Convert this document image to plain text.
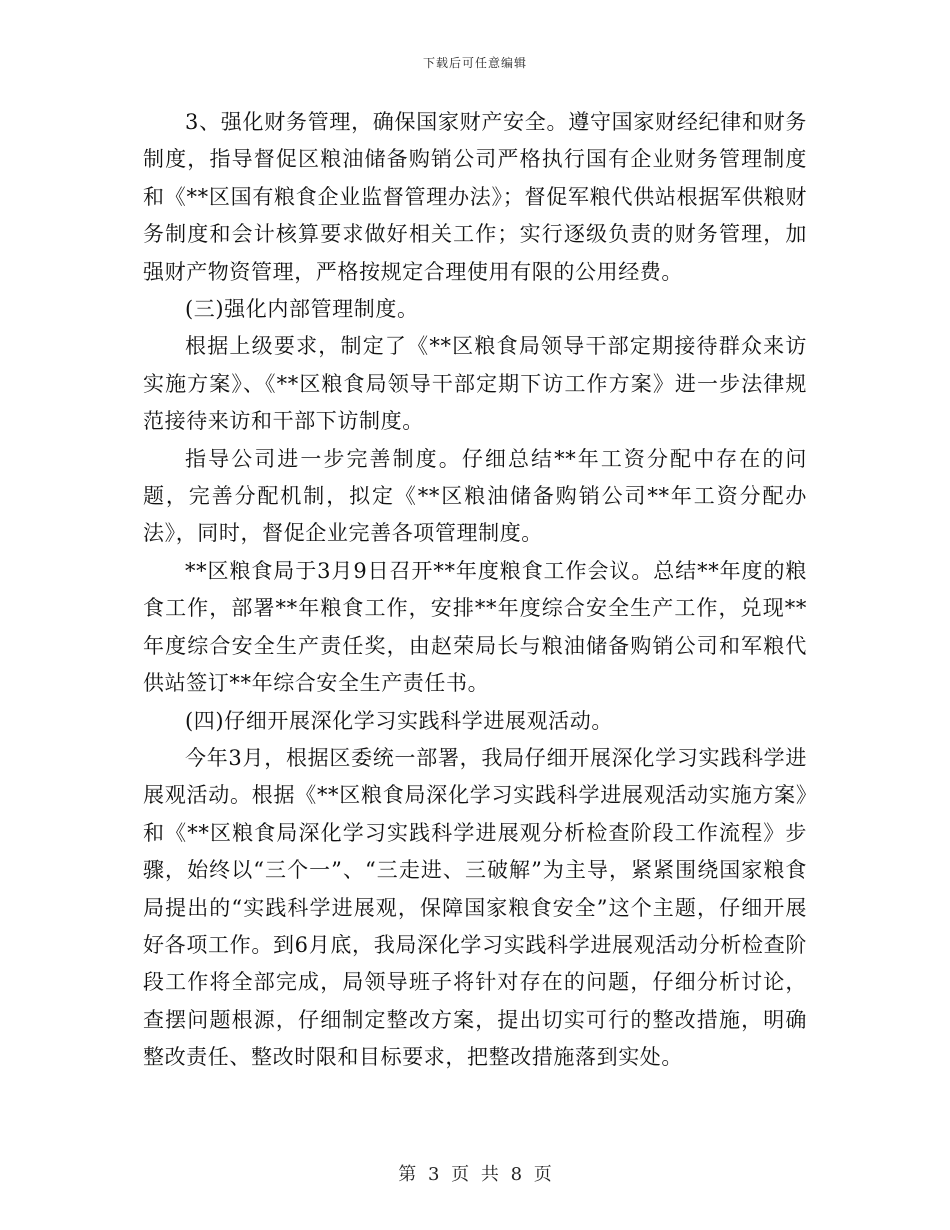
下载后可任意编辑

3、强化财务管理，确保国家财产安全。遵守国家财经纪律和财务制度，指导督促区粮油储备购销公司严格执行国有企业财务管理制度和《**区国有粮食企业监督管理办法》；督促军粮代供站根据军供粮财务制度和会计核算要求做好相关工作；实行逐级负责的财务管理，加强财产物资管理，严格按规定合理使用有限的公用经费。

(三)强化内部管理制度。

根据上级要求，制定了《**区粮食局领导干部定期接待群众来访实施方案》、《**区粮食局领导干部定期下访工作方案》进一步法律规范接待来访和干部下访制度。

指导公司进一步完善制度。仔细总结**年工资分配中存在的问题，完善分配机制，拟定《**区粮油储备购销公司**年工资分配办法》，同时，督促企业完善各项管理制度。

**区粮食局于3月9日召开**年度粮食工作会议。总结**年度的粮食工作，部署**年粮食工作，安排**年度综合安全生产工作，兑现**年度综合安全生产责任奖，由赵荣局长与粮油储备购销公司和军粮代供站签订**年综合安全生产责任书。

(四)仔细开展深化学习实践科学进展观活动。

今年3月，根据区委统一部署，我局仔细开展深化学习实践科学进展观活动。根据《**区粮食局深化学习实践科学进展观活动实施方案》和《**区粮食局深化学习实践科学进展观分析检查阶段工作流程》步骤，始终以“三个一”、“三走进、三破解”为主导，紧紧围绕国家粮食局提出的“实践科学进展观，保障国家粮食安全”这个主题，仔细开展好各项工作。到6月底，我局深化学习实践科学进展观活动分析检查阶段工作将全部完成，局领导班子将针对存在的问题，仔细分析讨论，查摆问题根源，仔细制定整改方案，提出切实可行的整改措施，明确整改责任、整改时限和目标要求，把整改措施落到实处。

第 3 页 共 8 页
